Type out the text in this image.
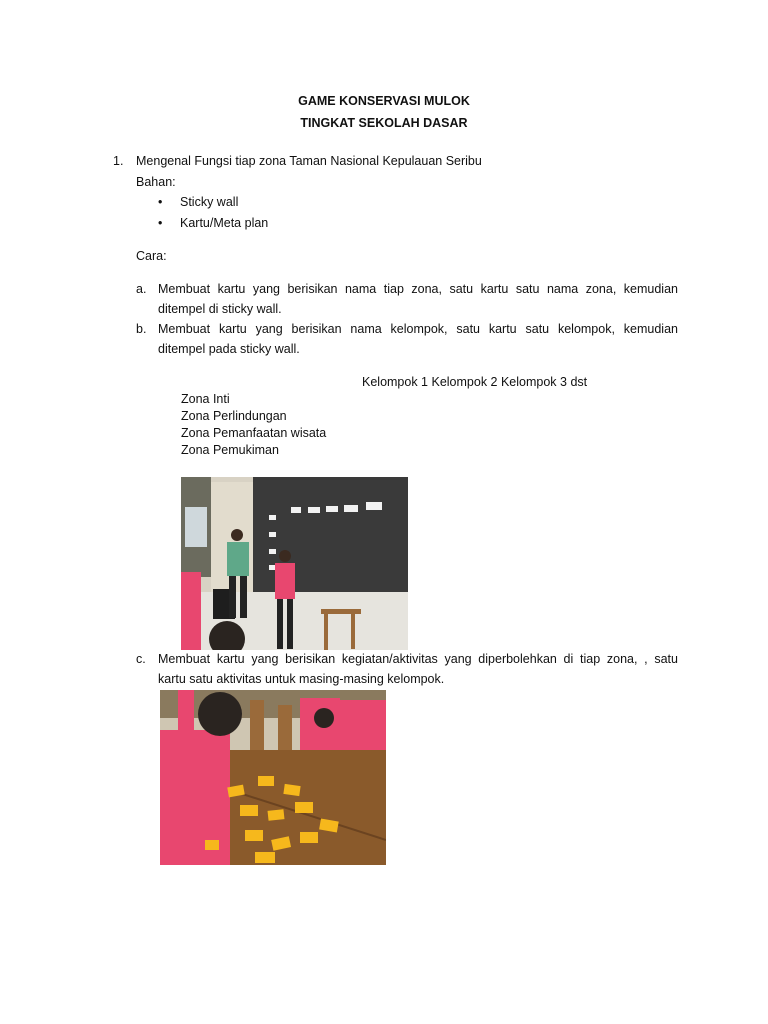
GAME KONSERVASI MULOK
TINGKAT SEKOLAH DASAR
1. Mengenal Fungsi tiap zona Taman Nasional Kepulauan Seribu
Bahan:
• Sticky wall
• Kartu/Meta plan
Cara:
a. Membuat kartu yang berisikan nama tiap zona, satu kartu satu nama zona, kemudian
ditempel di sticky wall.
b. Membuat kartu yang berisikan nama kelompok, satu kartu satu kelompok, kemudian
ditempel pada sticky wall.
Kelompok 1 Kelompok 2 Kelompok 3 dst
Zona Inti
Zona Perlindungan
Zona Pemanfaatan wisata
Zona Pemukiman
c. Membuat kartu yang berisikan kegiatan/aktivitas yang diperbolehkan di tiap zona, , satu
kartu satu aktivitas untuk masing-masing kelompok.
